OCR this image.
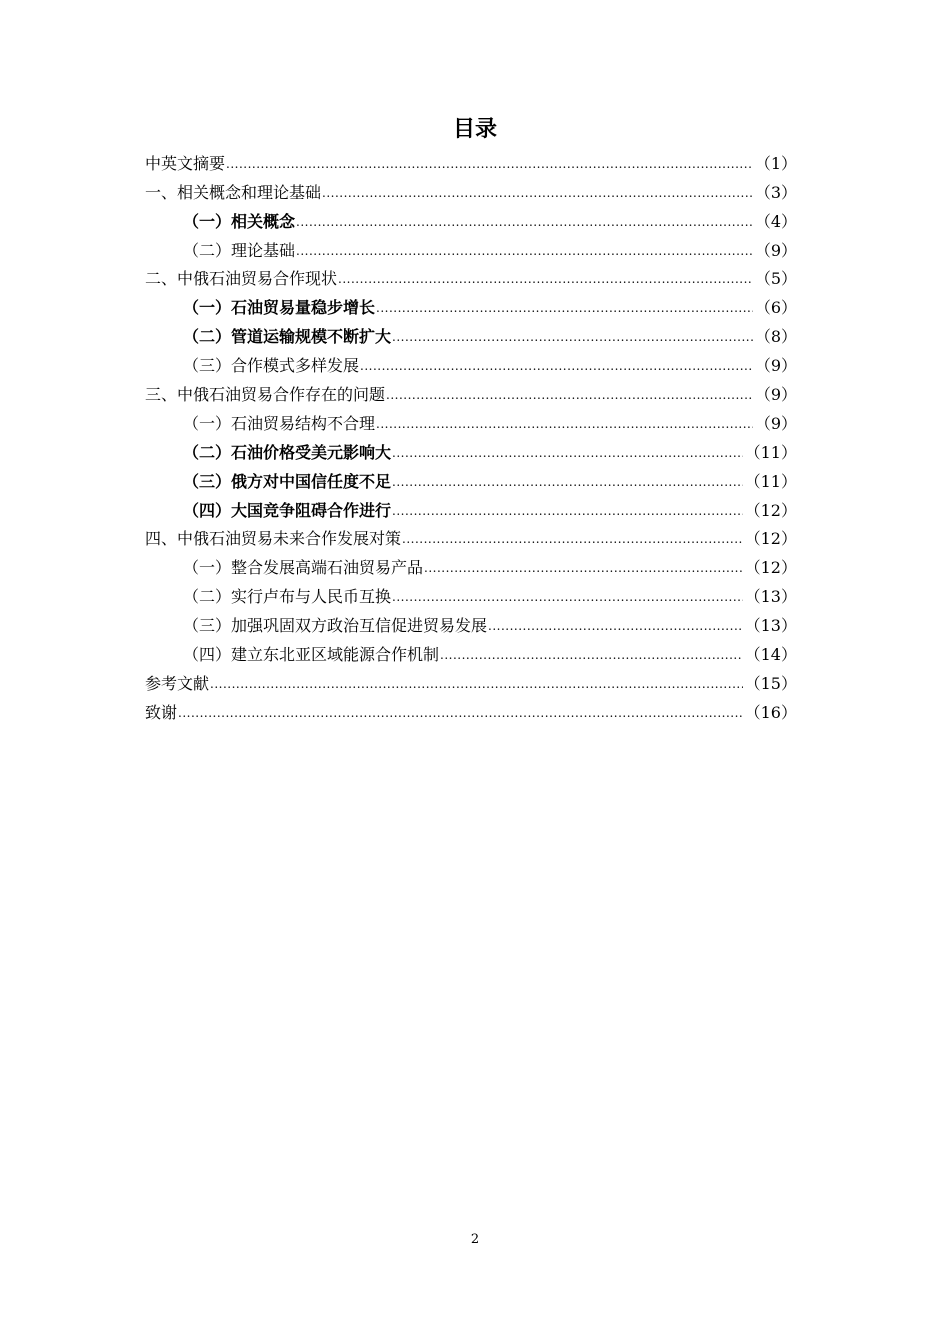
目录
中英文摘要 .....	（1）
一、相关概念和理论基础 .....	（3）
（一）相关概念 .....	（4）
（二）理论基础 .....	（9）
二、中俄石油贸易合作现状 .....	（5）
（一）石油贸易量稳步增长 .....	（6）
（二）管道运输规模不断扩大 .....	（8）
（三）合作模式多样发展 .....	（9）
三、中俄石油贸易合作存在的问题 .....	（9）
（一）石油贸易结构不合理 .....	（9）
（二）石油价格受美元影响大 .....	（11）
（三）俄方对中国信任度不足 .....	（11）
（四）大国竞争阻碍合作进行 .....	（12）
四、中俄石油贸易未来合作发展对策 .....	（12）
（一）整合发展高端石油贸易产品 .....	（12）
（二）实行卢布与人民币互换 .....	（13）
（三）加强巩固双方政治互信促进贸易发展 .....	（13）
（四）建立东北亚区域能源合作机制 .....	（14）
参考文献 .....	（15）
致谢 .....	（16）
2
